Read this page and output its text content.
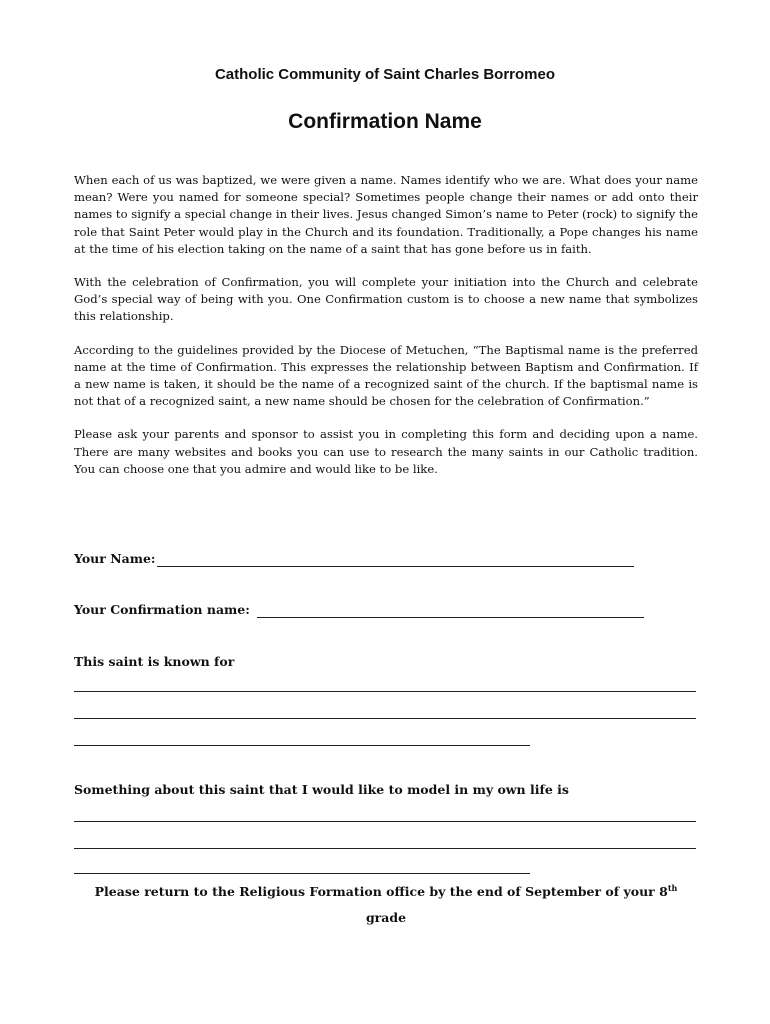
Catholic Community of Saint Charles Borromeo
Confirmation Name

When each of us was baptized, we were given a name. Names identify who we are. What does your name mean? Were you named for someone special? Sometimes people change their names or add onto their names to signify a special change in their lives. Jesus changed Simon’s name to Peter (rock) to signify the role that Saint Peter would play in the Church and its foundation. Traditionally, a Pope changes his name at the time of his election taking on the name of a saint that has gone before us in faith.

With the celebration of Confirmation, you will complete your initiation into the Church and celebrate God’s special way of being with you. One Confirmation custom is to choose a new name that symbolizes this relationship.

According to the guidelines provided by the Diocese of Metuchen, “The Baptismal name is the preferred name at the time of Confirmation. This expresses the relationship between Baptism and Confirmation. If a new name is taken, it should be the name of a recognized saint of the church. If the baptismal name is not that of a recognized saint, a new name should be chosen for the celebration of Confirmation.”

Please ask your parents and sponsor to assist you in completing this form and deciding upon a name. There are many websites and books you can use to research the many saints in our Catholic tradition. You can choose one that you admire and would like to be like.

Your Name:
Your Confirmation name:
This saint is known for
Something about this saint that I would like to model in my own life is
Please return to the Religious Formation office by the end of September of your 8th
grade
